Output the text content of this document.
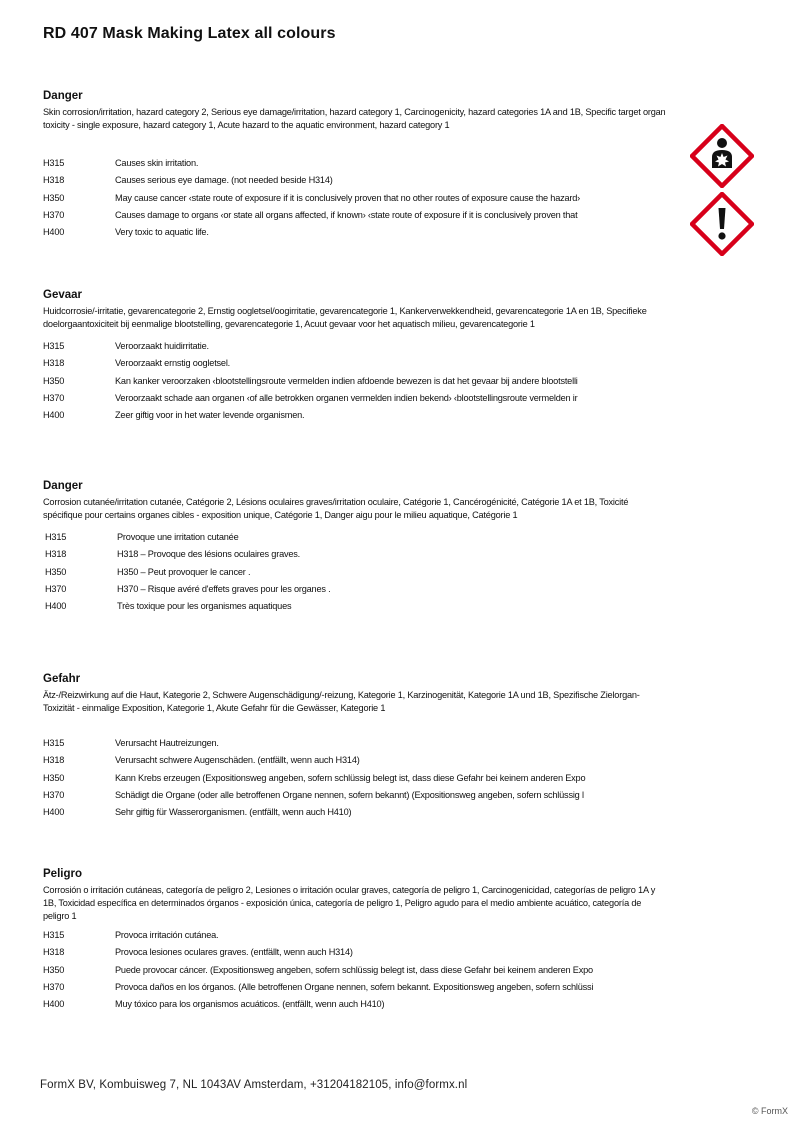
RD 407 Mask Making Latex all colours
Danger

Skin corrosion/irritation, hazard category 2, Serious eye damage/irritation, hazard category 1, Carcinogenicity, hazard categories 1A and 1B, Specific target organ toxicity - single exposure, hazard category 1, Acute hazard to the aquatic environment, hazard category 1

H315	Causes skin irritation.
H318	Causes serious eye damage. (not needed beside H314)
H350	May cause cancer ‹state route of exposure if it is conclusively proven that no other routes of exposure cause the hazard›
H370	Causes damage to organs ‹or state all organs affected, if known› ‹state route of exposure if it is conclusively proven that
H400	Very toxic to aquatic life.
Gevaar

Huidcorrosie/-irritatie, gevarencategorie 2, Ernstig oogletsel/oogirritatie, gevarencategorie 1, Kankerverwekkendheid, gevarencategorie 1A en 1B, Specifieke doelorgaantoxiciteit bij eenmalige blootstelling, gevarencategorie 1, Acuut gevaar voor het aquatisch milieu, gevarencategorie 1

H315	Veroorzaakt huidirritatie.
H318	Veroorzaakt ernstig oogletsel.
H350	Kan kanker veroorzaken ‹blootstellingsroute vermelden indien afdoende bewezen is dat het gevaar bij andere blootstelli
H370	Veroorzaakt schade aan organen ‹of alle betrokken organen vermelden indien bekend› ‹blootstellingsroute vermelden ir
H400	Zeer giftig voor in het water levende organismen.
Danger

Corrosion cutanée/irritation cutanée, Catégorie 2, Lésions oculaires graves/irritation oculaire, Catégorie 1, Cancérogénicité, Catégorie 1A et 1B, Toxicité spécifique pour certains organes cibles - exposition unique, Catégorie 1, Danger aigu pour le milieu aquatique, Catégorie 1

H315	Provoque une irritation cutanée
H318	H318 – Provoque des lésions oculaires graves.
H350	H350 – Peut provoquer le cancer .
H370	H370 – Risque avéré d'effets graves pour les organes .
H400	Très toxique pour les organismes aquatiques
Gefahr

Ätz-/Reizwirkung auf die Haut, Kategorie 2, Schwere Augenschädigung/-reizung, Kategorie 1, Karzinogenität, Kategorie 1A und 1B, Spezifische Zielorgan-Toxizität - einmalige Exposition, Kategorie 1, Akute Gefahr für die Gewässer, Kategorie 1

H315	Verursacht Hautreizungen.
H318	Verursacht schwere Augenschäden. (entfällt, wenn auch H314)
H350	Kann Krebs erzeugen (Expositionsweg angeben, sofern schlüssig belegt ist, dass diese Gefahr bei keinem anderen Expo
H370	Schädigt die Organe (oder alle betroffenen Organe nennen, sofern bekannt) (Expositionsweg angeben, sofern schlüssig l
H400	Sehr giftig für Wasserorganismen. (entfällt, wenn auch H410)
Peligro

Corrosión o irritación cutáneas, categoría de peligro 2, Lesiones o irritación ocular graves, categoría de peligro 1, Carcinogenicidad, categorías de peligro 1A y 1B, Toxicidad específica en determinados órganos - exposición única, categoría de peligro 1, Peligro agudo para el medio ambiente acuático, categoría de peligro 1

H315	Provoca irritación cutánea.
H318	Provoca lesiones oculares graves. (entfällt, wenn auch H314)
H350	Puede provocar cáncer. (Expositionsweg angeben, sofern schlüssig belegt ist, dass diese Gefahr bei keinem anderen Expo
H370	Provoca daños en los órganos. (Alle betroffenen Organe nennen, sofern bekannt. Expositionsweg angeben, sofern schlüssi
H400	Muy tóxico para los organismos acuáticos. (entfällt, wenn auch H410)
FormX BV, Kombuisweg 7, NL 1043AV Amsterdam, +31204182105, info@formx.nl
© FormX
